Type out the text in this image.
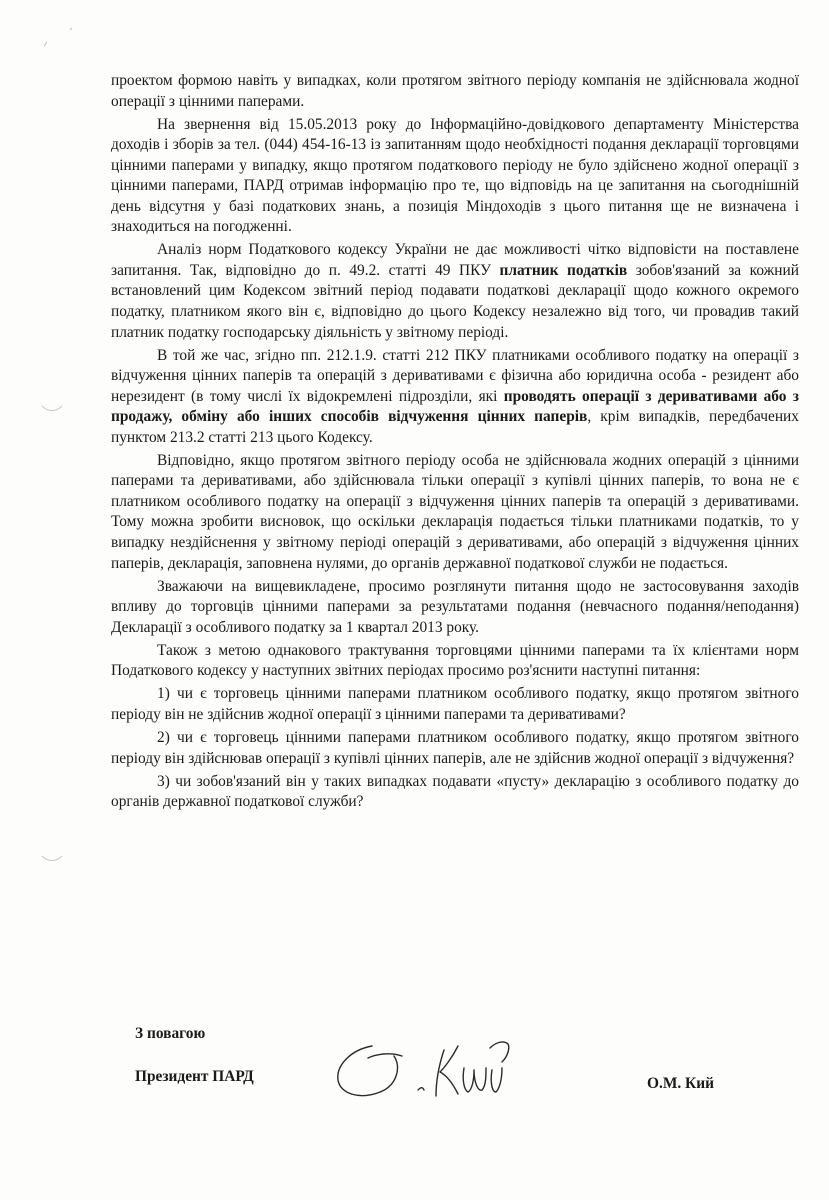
проектом формою навіть у випадках, коли протягом звітного періоду компанія не здійснювала жодної операції з цінними паперами.

На звернення від 15.05.2013 року до Інформаційно-довідкового департаменту Міністерства доходів і зборів за тел. (044) 454-16-13 із запитанням щодо необхідності подання декларації торговцями цінними паперами у випадку, якщо протягом податкового періоду не було здійснено жодної операції з цінними паперами, ПАРД отримав інформацію про те, що відповідь на це запитання на сьогоднішній день відсутня у базі податкових знань, а позиція Міндоходів з цього питання ще не визначена і знаходиться на погодженні.

Аналіз норм Податкового кодексу України не дає можливості чітко відповісти на поставлене запитання. Так, відповідно до п. 49.2. статті 49 ПКУ платник податків зобов'язаний за кожний встановлений цим Кодексом звітний період подавати податкові декларації щодо кожного окремого податку, платником якого він є, відповідно до цього Кодексу незалежно від того, чи провадив такий платник податку господарську діяльність у звітному періоді.

В той же час, згідно пп. 212.1.9. статті 212 ПКУ платниками особливого податку на операції з відчуження цінних паперів та операцій з деривативами є фізична або юридична особа - резидент або нерезидент (в тому числі їх відокремлені підрозділи, які проводять операції з деривативами або з продажу, обміну або інших способів відчуження цінних паперів, крім випадків, передбачених пунктом 213.2 статті 213 цього Кодексу.

Відповідно, якщо протягом звітного періоду особа не здійснювала жодних операцій з цінними паперами та деривативами, або здійснювала тільки операції з купівлі цінних паперів, то вона не є платником особливого податку на операції з відчуження цінних паперів та операцій з деривативами. Тому можна зробити висновок, що оскільки декларація подається тільки платниками податків, то у випадку нездійснення у звітному періоді операцій з деривативами, або операцій з відчуження цінних паперів, декларація, заповнена нулями, до органів державної податкової служби не подається.

Зважаючи на вищевикладене, просимо розглянути питання щодо не застосовування заходів впливу до торговців цінними паперами за результатами подання (невчасного подання/неподання) Декларації з особливого податку за 1 квартал 2013 року.

Також з метою однакового трактування торговцями цінними паперами та їх клієнтами норм Податкового кодексу у наступних звітних періодах просимо роз'яснити наступні питання:

1) чи є торговець цінними паперами платником особливого податку, якщо протягом звітного періоду він не здійснив жодної операції з цінними паперами та деривативами?

2) чи є торговець цінними паперами платником особливого податку, якщо протягом звітного періоду він здійснював операції з купівлі цінних паперів, але не здійснив жодної операції з відчуження?

3) чи зобов'язаний він у таких випадках подавати «пусту» декларацію з особливого податку до органів державної податкової служби?

З повагою
Президент ПАРД	О.М. Кий
